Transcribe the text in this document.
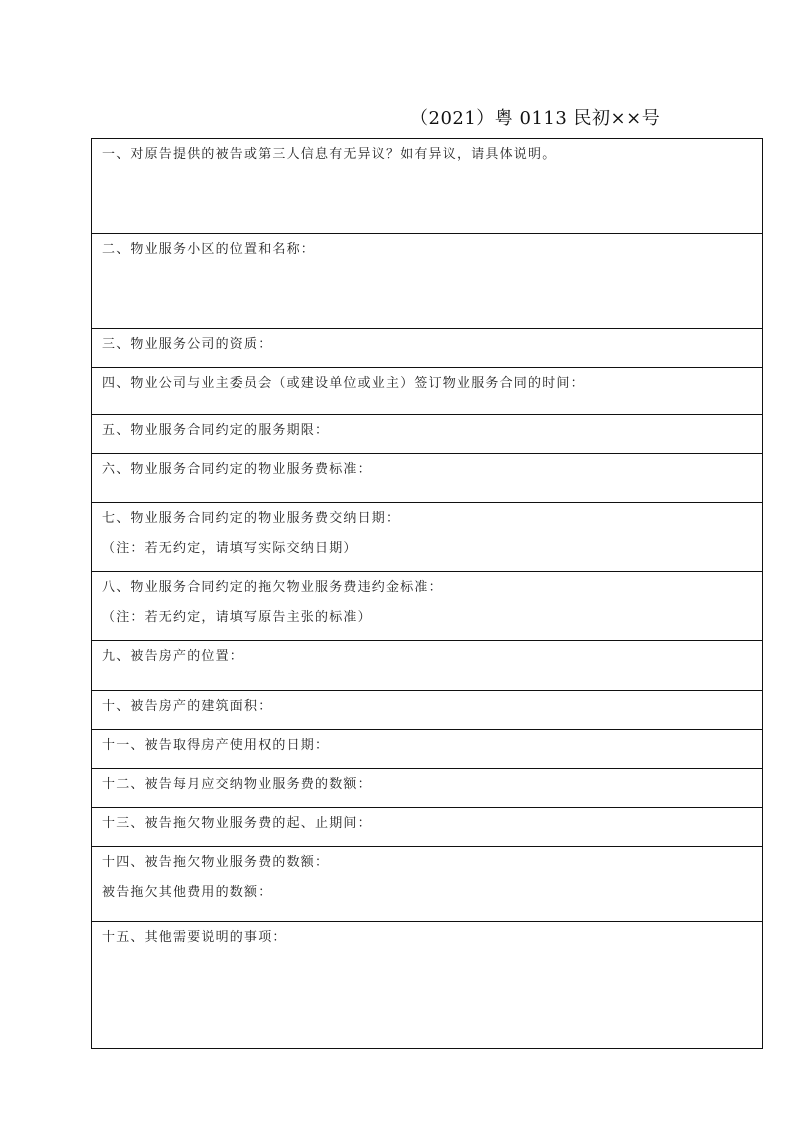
（2021）粤 0113 民初××号
一、对原告提供的被告或第三人信息有无异议？如有异议，请具体说明。

二、物业服务小区的位置和名称：

三、物业服务公司的资质：

四、物业公司与业主委员会（或建设单位或业主）签订物业服务合同的时间：

五、物业服务合同约定的服务期限：

六、物业服务合同约定的物业服务费标准：

七、物业服务合同约定的物业服务费交纳日期：
（注：若无约定，请填写实际交纳日期）

八、物业服务合同约定的拖欠物业服务费违约金标准：
（注：若无约定，请填写原告主张的标准）

九、被告房产的位置：

十、被告房产的建筑面积：

十一、被告取得房产使用权的日期：

十二、被告每月应交纳物业服务费的数额：

十三、被告拖欠物业服务费的起、止期间：

十四、被告拖欠物业服务费的数额：
被告拖欠其他费用的数额：

十五、其他需要说明的事项：
